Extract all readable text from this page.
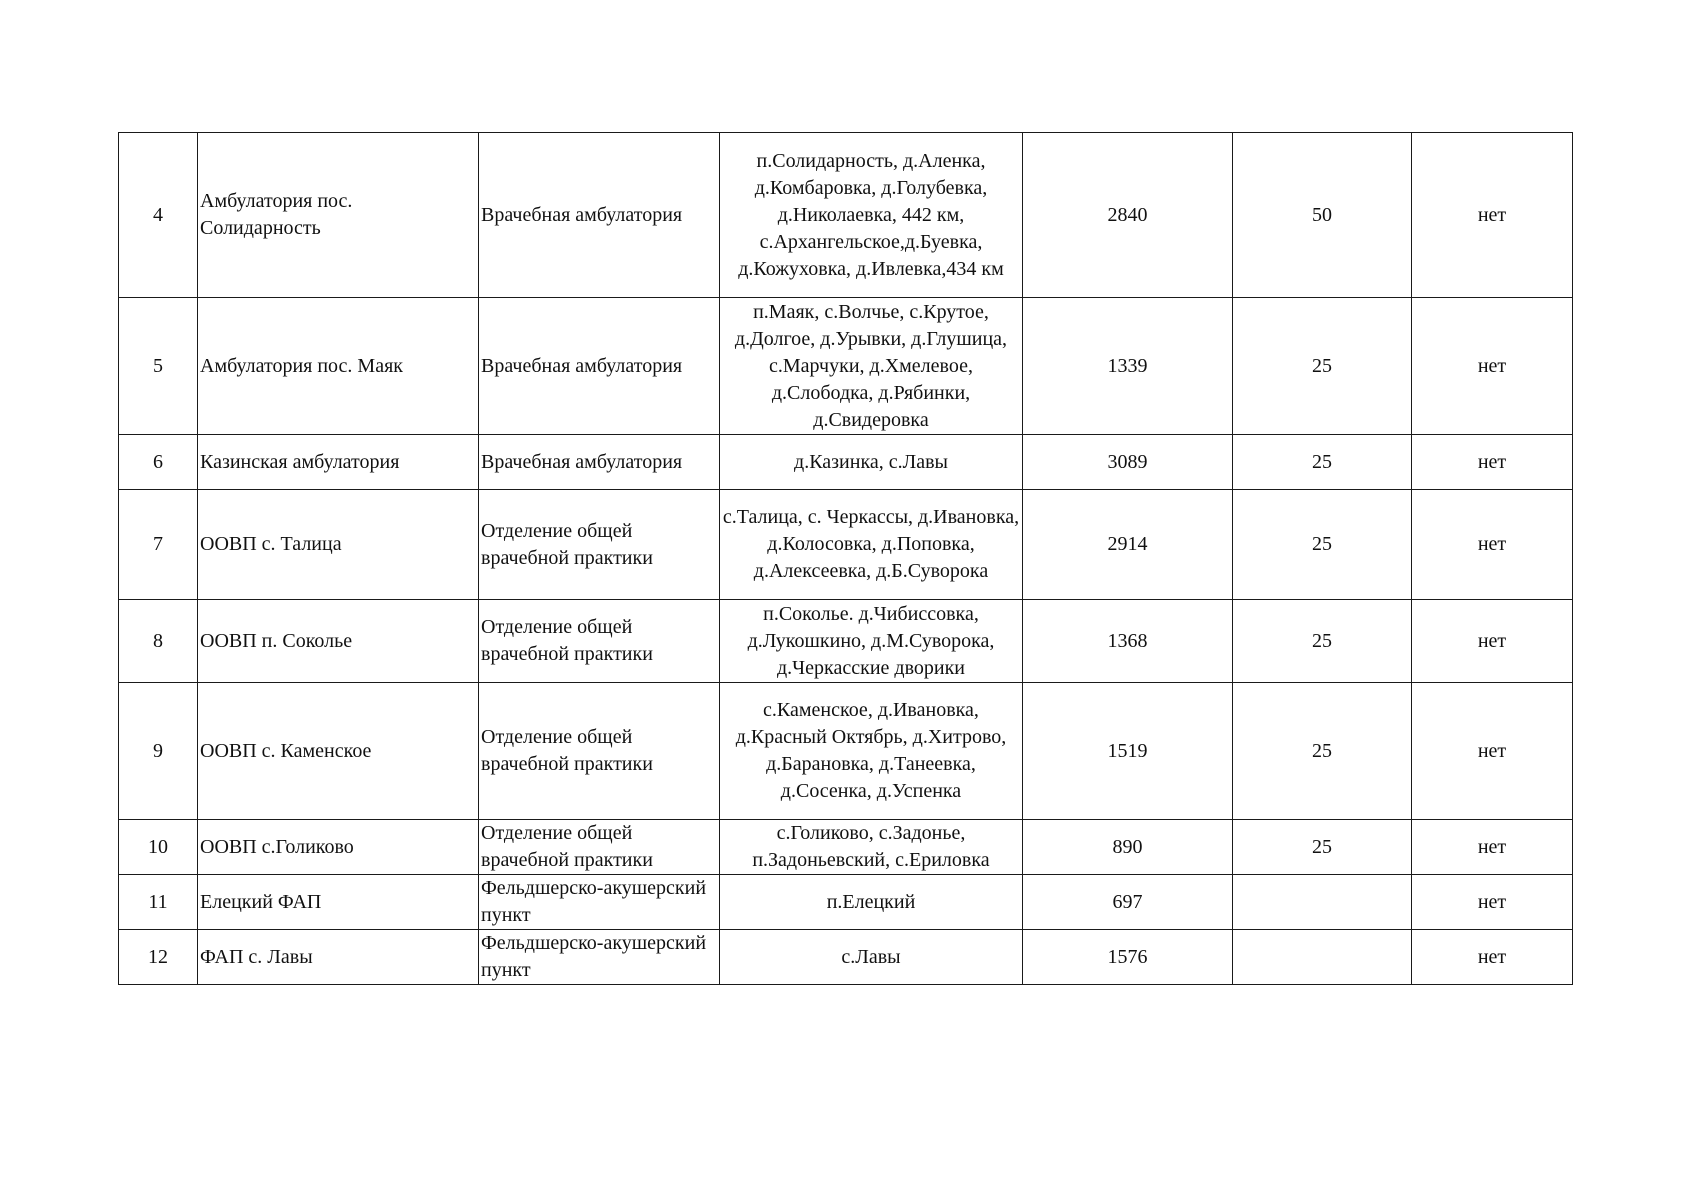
4	Амбулатория пос. Солидарность	Врачебная амбулатория	п.Солидарность, д.Аленка, д.Комбаровка, д.Голубевка, д.Николаевка, 442 км, с.Архангельское,д.Буевка, д.Кожуховка, д.Ивлевка,434 км	2840	50	нет
5	Амбулатория пос. Маяк	Врачебная амбулатория	п.Маяк, с.Волчье, с.Крутое, д.Долгое, д.Урывки, д.Глушица, с.Марчуки, д.Хмелевое, д.Слободка, д.Рябинки, д.Свидеровка	1339	25	нет
6	Казинская амбулатория	Врачебная амбулатория	д.Казинка, с.Лавы	3089	25	нет
7	ООВП с. Талица	Отделение общей врачебной практики	с.Талица, с. Черкассы, д.Ивановка, д.Колосовка, д.Поповка, д.Алексеевка, д.Б.Суворока	2914	25	нет
8	ООВП п. Сокольe	Отделение общей врачебной практики	п.Сокольe. д.Чибиссовка, д.Лукошкино, д.М.Суворока, д.Черкасские дворики	1368	25	нет
9	ООВП с. Каменское	Отделение общей врачебной практики	с.Каменское, д.Ивановка, д.Красный Октябрь, д.Хитрово, д.Барановка, д.Танеевка, д.Сосенка, д.Успенка	1519	25	нет
10	ООВП с.Голиково	Отделение общей врачебной практики	с.Голиково, с.Задонье, п.Задоньевский, с.Ериловка	890	25	нет
11	Елецкий ФАП	Фельдшерско-акушерский пункт	п.Елецкий	697		нет
12	ФАП с. Лавы	Фельдшерско-акушерский пункт	с.Лавы	1576		нет
